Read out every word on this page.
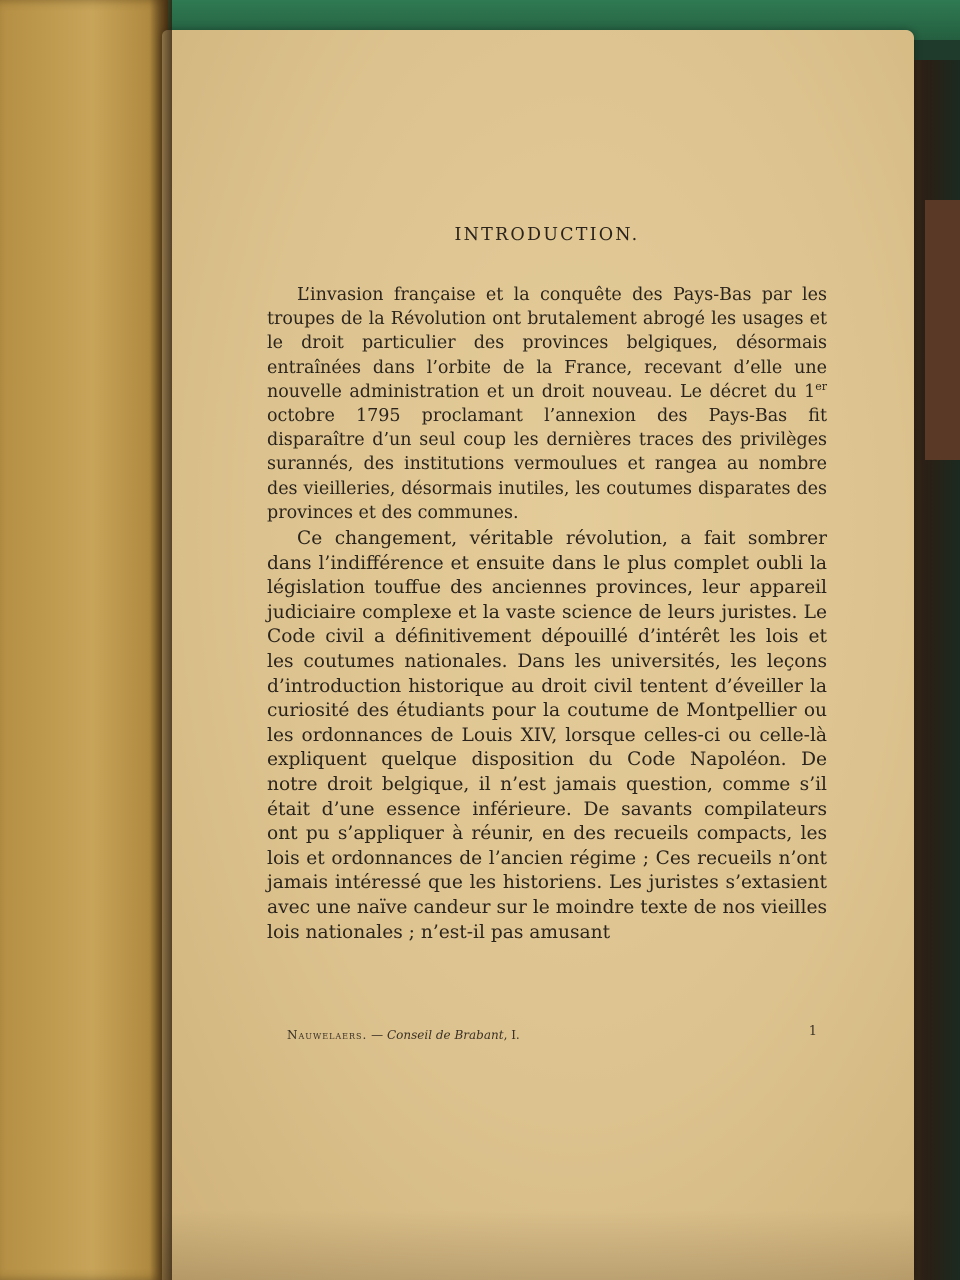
INTRODUCTION.

L’invasion française et la conquête des Pays-Bas par les troupes de la Révolution ont brutalement abrogé les usages et le droit particulier des provinces belgiques, désormais entraînées dans l’orbite de la France, recevant d’elle une nouvelle administration et un droit nouveau. Le décret du 1er octobre 1795 proclamant l’annexion des Pays-Bas fit disparaître d’un seul coup les dernières traces des privilèges surannés, des institutions vermoulues et rangea au nombre des vieilleries, désormais inutiles, les coutumes disparates des provinces et des communes.

Ce changement, véritable révolution, a fait sombrer dans l’indifférence et ensuite dans le plus complet oubli la législation touffue des anciennes provinces, leur appareil judiciaire complexe et la vaste science de leurs juristes. Le Code civil a définitivement dépouillé d’intérêt les lois et les coutumes nationales. Dans les universités, les leçons d’introduction historique au droit civil tentent d’éveiller la curiosité des étudiants pour la coutume de Montpellier ou les ordonnances de Louis XIV, lorsque celles-ci ou celle-là expliquent quelque disposition du Code Napoléon. De notre droit belgique, il n’est jamais question, comme s’il était d’une essence inférieure. De savants compilateurs ont pu s’appliquer à réunir, en des recueils compacts, les lois et ordonnances de l’ancien régime ; Ces recueils n’ont jamais intéressé que les historiens. Les juristes s’extasient avec une naïve candeur sur le moindre texte de nos vieilles lois nationales ; n’est-il pas amusant

Nauwelaers. — Conseil de Brabant, I.	1
